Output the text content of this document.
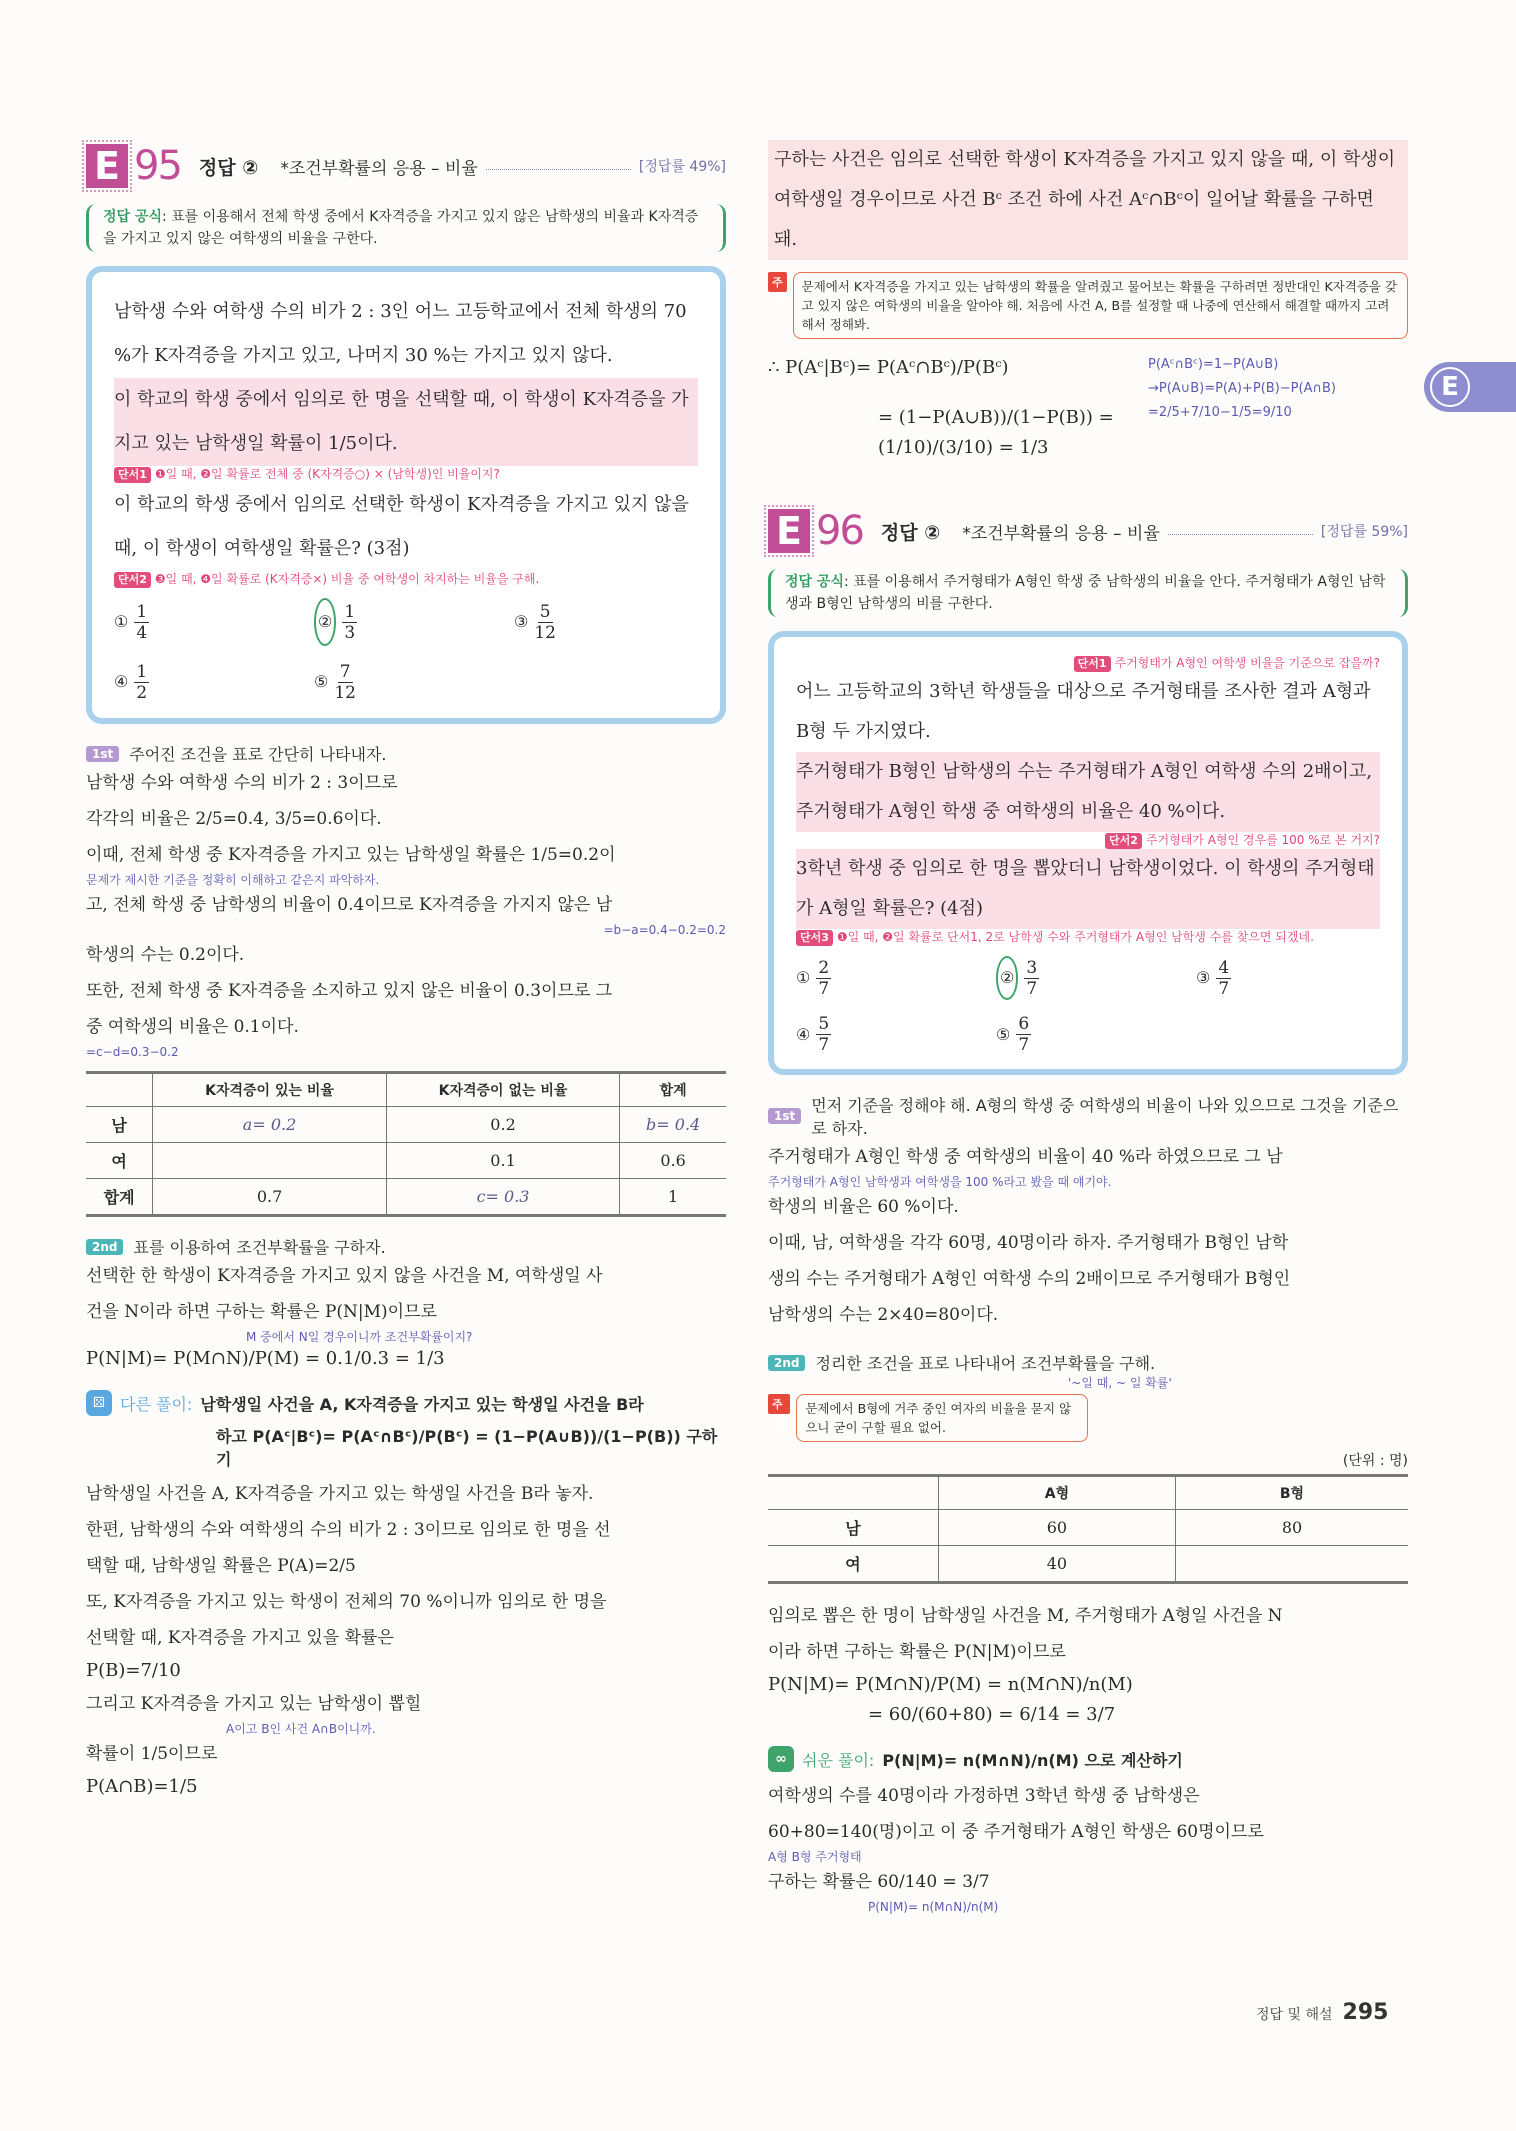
E
E 95 정답 ② *조건부확률의 응용 – 비율	[정답률 49%]
정답 공식: 표를 이용해서 전체 학생 중에서 K자격증을 가지고 있지 않은 남학생의 비율과 K자격증을 가지고 있지 않은 여학생의 비율을 구한다.
남학생 수와 여학생 수의 비가 2 : 3인 어느 고등학교에서 전체 학생의 70 %가 K자격증을 가지고 있고, 나머지 30 %는 가지고 있지 않다.
이 학교의 학생 중에서 임의로 한 명을 선택할 때, 이 학생이 K자격증을 가지고 있는 남학생일 확률이 1/5이다.
단서1 ❶일 때, ❷일 확률로 전체 중 (K자격증○) × (남학생)인 비율이지?
이 학교의 학생 중에서 임의로 선택한 학생이 K자격증을 가지고 있지 않을 때, 이 학생이 여학생일 확률은? (3점)
단서2 ❸일 때, ❹일 확률로 (K자격증×) 비율 중 여학생이 차지하는 비율을 구해.
① $\frac{1}{4}$	② $\frac{1}{3}$	③ $\frac{5}{12}$
④ $\frac{1}{2}$	⑤ $\frac{7}{12}$
1st	주어진 조건을 표로 간단히 나타내자.
남학생 수와 여학생 수의 비가 2 : 3이므로
각각의 비율은 2/5=0.4, 3/5=0.6이다.
이때, 전체 학생 중 K자격증을 가지고 있는 남학생일 확률은 1/5=0.2이
문제가 제시한 기준을 정확히 이해하고 같은지 파악하자.
고, 전체 학생 중 남학생의 비율이 0.4이므로 K자격증을 가지지 않은 남
=b−a=0.4−0.2=0.2
학생의 수는 0.2이다.
또한, 전체 학생 중 K자격증을 소지하고 있지 않은 비율이 0.3이므로 그
중 여학생의 비율은 0.1이다.
=c−d=0.3−0.2
	K자격증이 있는 비율	K자격증이 없는 비율	합계
남	a= 0.2	0.2	b= 0.4
여		0.1	0.6
합계	0.7	c= 0.3	1
2nd	표를 이용하여 조건부확률을 구하자.
선택한 한 학생이 K자격증을 가지고 있지 않을 사건을 M, 여학생일 사
건을 N이라 하면 구하는 확률은 P(N|M)이므로
M 중에서 N일 경우이니까 조건부확률이지?
P(N|M)= P(M∩N)/P(M) = 0.1/0.3 = 1/3
⚄ 다른 풀이: 남학생일 사건을 A, K자격증을 가지고 있는 학생일 사건을 B라
하고 P(Aᶜ|Bᶜ)= P(Aᶜ∩Bᶜ)/P(Bᶜ) = (1−P(A∪B))/(1−P(B)) 구하기
남학생일 사건을 A, K자격증을 가지고 있는 학생일 사건을 B라 놓자.
한편, 남학생의 수와 여학생의 수의 비가 2 : 3이므로 임의로 한 명을 선
택할 때, 남학생일 확률은 P(A)=2/5
또, K자격증을 가지고 있는 학생이 전체의 70 %이니까 임의로 한 명을
선택할 때, K자격증을 가지고 있을 확률은
P(B)=7/10
그리고 K자격증을 가지고 있는 남학생이 뽑힐
A이고 B인 사건 A∩B이니까.
확률이 1/5이므로
P(A∩B)=1/5
구하는 사건은 임의로 선택한 학생이 K자격증을 가지고 있지 않을 때, 이 학생이 여학생일 경우이므로 사건 Bᶜ 조건 하에 사건 Aᶜ∩Bᶜ이 일어날 확률을 구하면 돼.
주의
문제에서 K자격증을 가지고 있는 남학생의 확률을 알려줬고 물어보는 확률을 구하려면 정반대인 K자격증을 갖고 있지 않은 여학생의 비율을 알아야 해. 처음에 사건 A, B를 설정할 때 나중에 연산해서 해결할 때까지 고려해서 정해봐.
∴ P(Aᶜ|Bᶜ)= P(Aᶜ∩Bᶜ)/P(Bᶜ)
= (1−P(A∪B))/(1−P(B)) = (1/10)/(3/10) = 1/3
P(Aᶜ∩Bᶜ)=1−P(A∪B)
→P(A∪B)=P(A)+P(B)−P(A∩B)
=2/5+7/10−1/5=9/10
E 96 정답 ② *조건부확률의 응용 – 비율	[정답률 59%]
정답 공식: 표를 이용해서 주거형태가 A형인 학생 중 남학생의 비율을 안다. 주거형태가 A형인 남학생과 B형인 남학생의 비를 구한다.
단서1 주거형태가 A형인 여학생 비율을 기준으로 잡을까?
어느 고등학교의 3학년 학생들을 대상으로 주거형태를 조사한 결과 A형과 B형 두 가지였다.
주거형태가 B형인 남학생의 수는 주거형태가 A형인 여학생 수의 2배이고, 주거형태가 A형인 학생 중 여학생의 비율은 40 %이다.
단서2 주거형태가 A형인 경우를 100 %로 본 거지?
3학년 학생 중 임의로 한 명을 뽑았더니 남학생이었다. 이 학생의 주거형태가 A형일 확률은? (4점)
단서3 ❶일 때, ❷일 확률로 단서1, 2로 남학생 수와 주거형태가 A형인 남학생 수를 찾으면 되겠네.
① $\frac{2}{7}$	② $\frac{3}{7}$	③ $\frac{4}{7}$
④ $\frac{5}{7}$	⑤ $\frac{6}{7}$
1st
먼저 기준을 정해야 해. A형의 학생 중 여학생의 비율이 나와 있으므로 그것을 기준으로 하자.
주거형태가 A형인 학생 중 여학생의 비율이 40 %라 하였으므로 그 남
주거형태가 A형인 남학생과 여학생을 100 %라고 봤을 때 얘기야.
학생의 비율은 60 %이다.
이때, 남, 여학생을 각각 60명, 40명이라 하자. 주거형태가 B형인 남학
생의 수는 주거형태가 A형인 여학생 수의 2배이므로 주거형태가 B형인
남학생의 수는 2×40=80이다.
2nd	정리한 조건을 표로 나타내어 조건부확률을 구해.
'~일 때, ~ 일 확률'
주의
문제에서 B형에 거주 중인 여자의 비율을 묻지 않으니 굳이 구할 필요 없어.
(단위 : 명)
	A형	B형
남	60	80
여	40	
임의로 뽑은 한 명이 남학생일 사건을 M, 주거형태가 A형일 사건을 N
이라 하면 구하는 확률은 P(N|M)이므로
P(N|M)= P(M∩N)/P(M) = n(M∩N)/n(M)
= 60/(60+80) = 6/14 = 3/7
∞ 쉬운 풀이: P(N|M)= n(M∩N)/n(M) 으로 계산하기
여학생의 수를 40명이라 가정하면 3학년 학생 중 남학생은
60+80=140(명)이고 이 중 주거형태가 A형인 학생은 60명이므로
A형 B형 주거형태
구하는 확률은 60/140 = 3/7
P(N|M)= n(M∩N)/n(M)
정답 및 해설 295
